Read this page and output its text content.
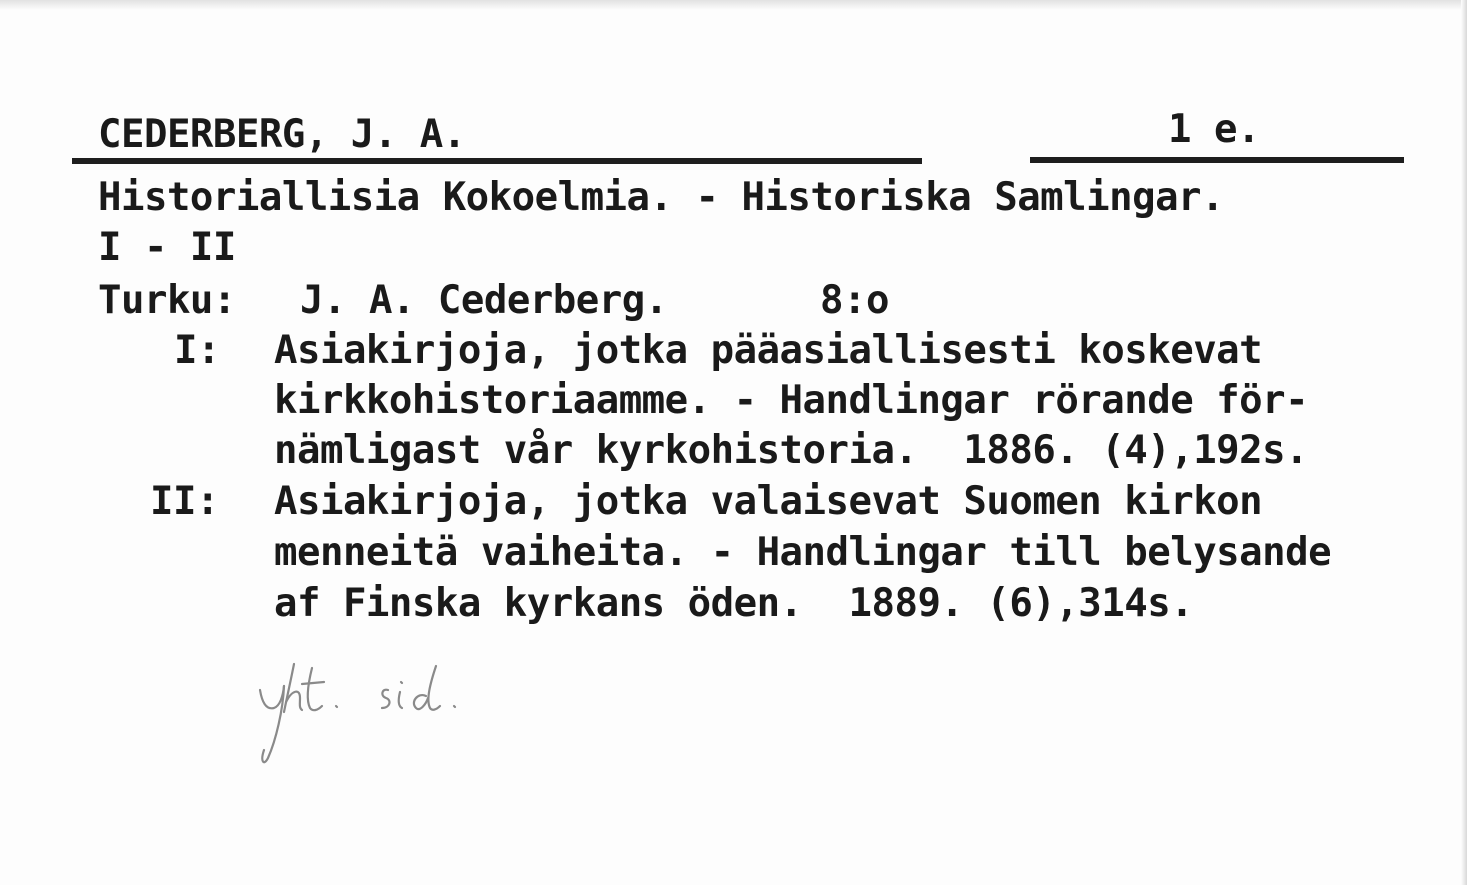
CEDERBERG, J. A.	1 e.

Historiallisia Kokoelmia. - Historiska Samlingar.

I - II

Turku: J. A. Cederberg.	8:o

I: Asiakirjoja, jotka pääasiallisesti koskevat

kirkkohistoriaamme. - Handlingar rörande för-

nämligast vår kyrkohistoria.  1886. (4),192s.

II: Asiakirjoja, jotka valaisevat Suomen kirkon

menneitä vaiheita. - Handlingar till belysande

af Finska kyrkans öden.  1889. (6),314s.
